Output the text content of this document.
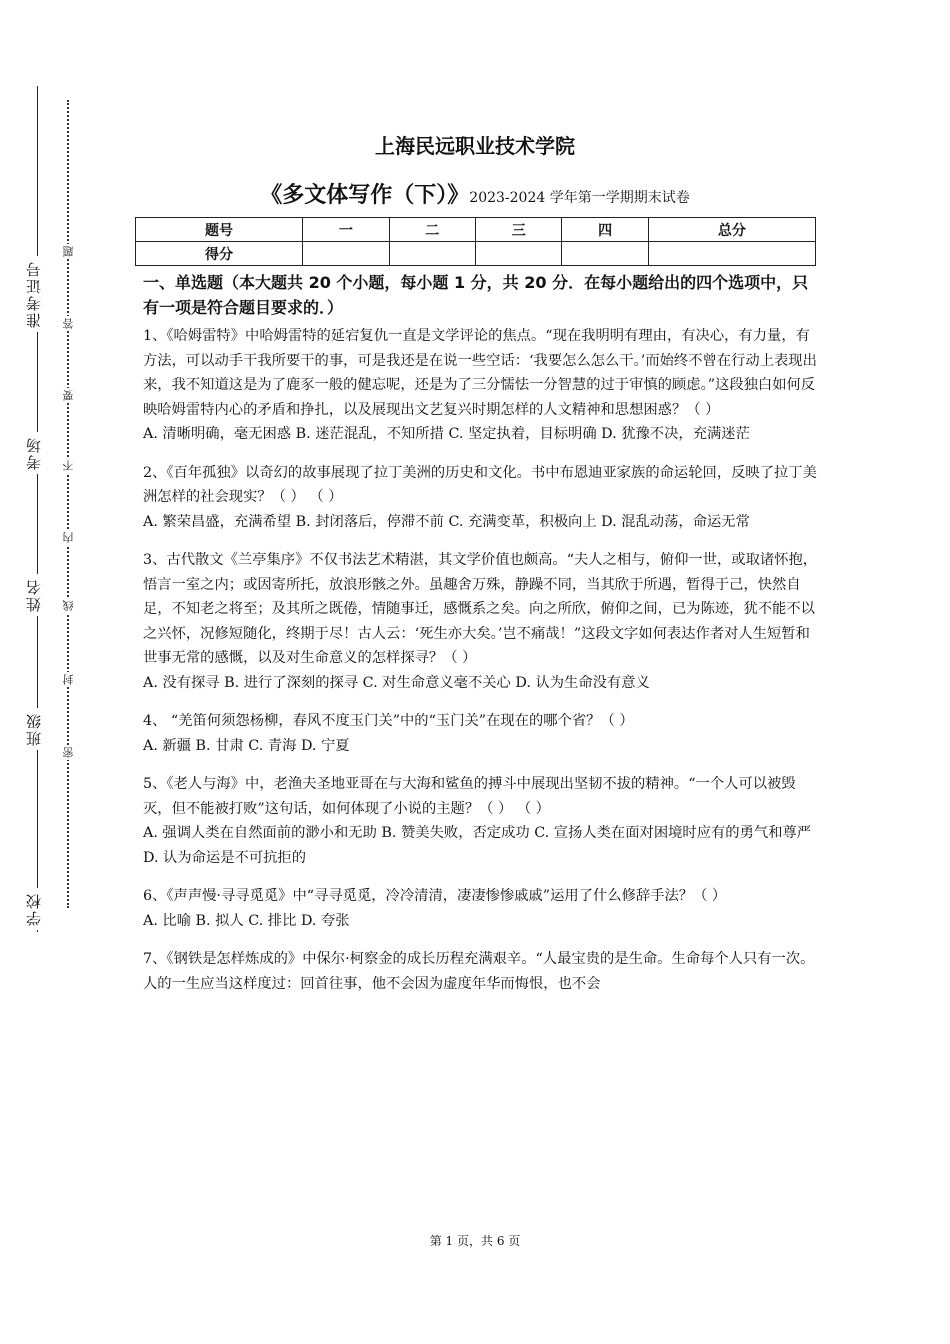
学校
班级
姓名
考场
准考证号
密
封
线
内
不
要
答
题
上海民远职业技术学院
《多文体写作（下）》2023-2024 学年第一学期期末试卷
题号	一	二	三	四	总分
得分					

一、单选题（本大题共 20 个小题，每小题 1 分，共 20 分．在每小题给出的四个选项中，只有一项是符合题目要求的．）

1、《哈姆雷特》中哈姆雷特的延宕复仇一直是文学评论的焦点。“现在我明明有理由，有决心，有力量，有方法，可以动手干我所要干的事，可是我还是在说一些空话：‘我要怎么怎么干。’而始终不曾在行动上表现出来，我不知道这是为了鹿豕一般的健忘呢，还是为了三分懦怯一分智慧的过于审慎的顾虑。”这段独白如何反映哈姆雷特内心的矛盾和挣扎，以及展现出文艺复兴时期怎样的人文精神和思想困惑？（ ）

A. 清晰明确，毫无困惑 B. 迷茫混乱，不知所措 C. 坚定执着，目标明确 D. 犹豫不决，充满迷茫

2、《百年孤独》以奇幻的故事展现了拉丁美洲的历史和文化。书中布恩迪亚家族的命运轮回，反映了拉丁美洲怎样的社会现实？（ ） （ ）

A. 繁荣昌盛，充满希望 B. 封闭落后，停滞不前 C. 充满变革，积极向上 D. 混乱动荡，命运无常

3、古代散文《兰亭集序》不仅书法艺术精湛，其文学价值也颇高。“夫人之相与，俯仰一世，或取诸怀抱，悟言一室之内；或因寄所托，放浪形骸之外。虽趣舍万殊，静躁不同，当其欣于所遇，暂得于己，快然自足，不知老之将至；及其所之既倦，情随事迁，感慨系之矣。向之所欣，俯仰之间，已为陈迹，犹不能不以之兴怀，况修短随化，终期于尽！古人云：‘死生亦大矣。’岂不痛哉！”这段文字如何表达作者对人生短暂和世事无常的感慨，以及对生命意义的怎样探寻？（ ）

A. 没有探寻 B. 进行了深刻的探寻 C. 对生命意义毫不关心 D. 认为生命没有意义

4、 “羌笛何须怨杨柳，春风不度玉门关”中的“玉门关”在现在的哪个省？（ ）

A. 新疆 B. 甘肃 C. 青海 D. 宁夏

5、《老人与海》中，老渔夫圣地亚哥在与大海和鲨鱼的搏斗中展现出坚韧不拔的精神。“一个人可以被毁灭，但不能被打败”这句话，如何体现了小说的主题？（ ） （ ）

A. 强调人类在自然面前的渺小和无助 B. 赞美失败，否定成功 C. 宣扬人类在面对困境时应有的勇气和尊严 D. 认为命运是不可抗拒的

6、《声声慢·寻寻觅觅》中“寻寻觅觅，冷冷清清，凄凄惨惨戚戚”运用了什么修辞手法？（ ）

A. 比喻 B. 拟人 C. 排比 D. 夸张

7、《钢铁是怎样炼成的》中保尔·柯察金的成长历程充满艰辛。“人最宝贵的是生命。生命每个人只有一次。人的一生应当这样度过：回首往事，他不会因为虚度年华而悔恨，也不会

第 1 页，共 6 页
